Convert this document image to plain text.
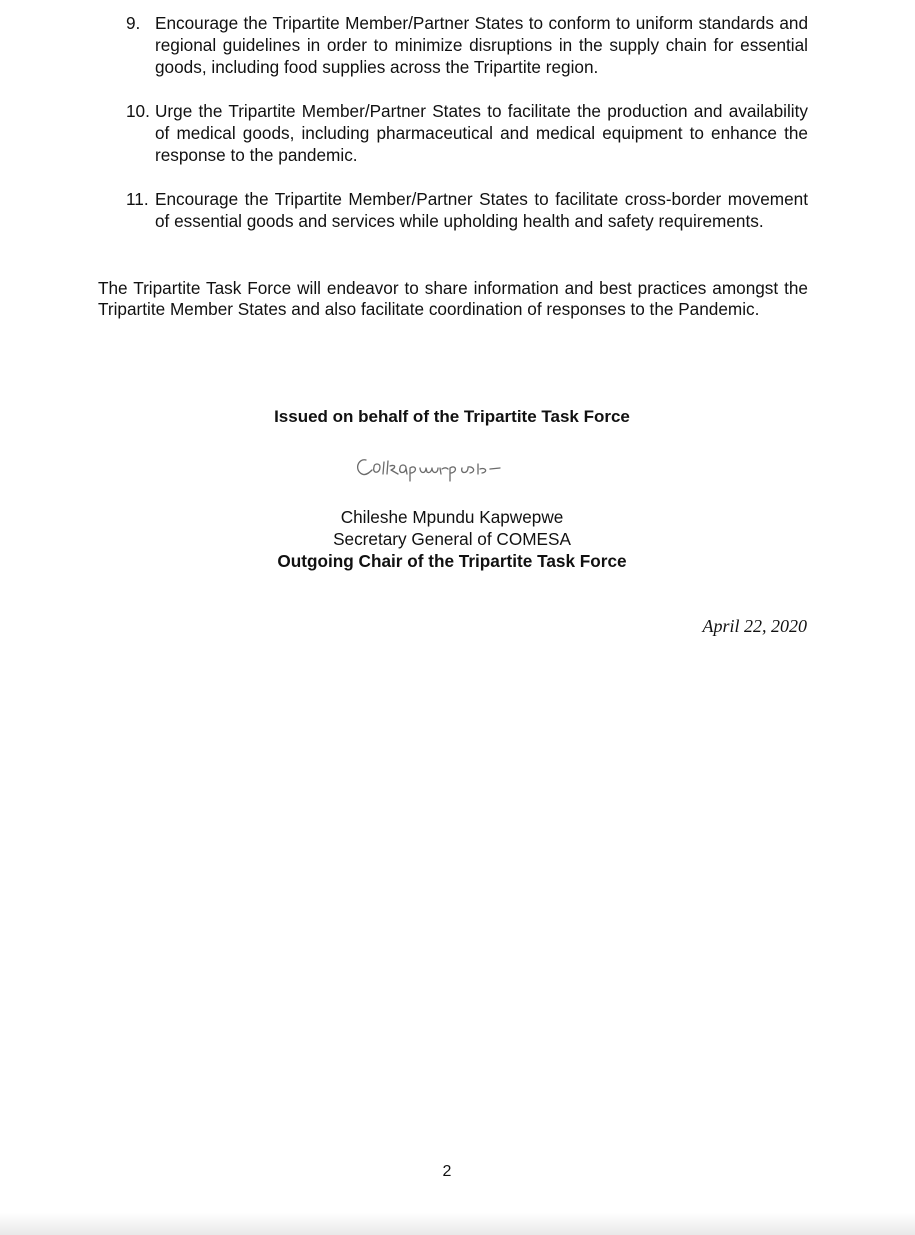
9. Encourage the Tripartite Member/Partner States to conform to uniform standards and regional guidelines in order to minimize disruptions in the supply chain for essential goods, including food supplies across the Tripartite region.
10. Urge the Tripartite Member/Partner States to facilitate the production and availability of medical goods, including pharmaceutical and medical equipment to enhance the response to the pandemic.
11. Encourage the Tripartite Member/Partner States to facilitate cross-border movement of essential goods and services while upholding health and safety requirements.

The Tripartite Task Force will endeavor to share information and best practices amongst the Tripartite Member States and also facilitate coordination of responses to the Pandemic.

Issued on behalf of the Tripartite Task Force
Chileshe Mpundu Kapwepwe
Secretary General of COMESA
Outgoing Chair of the Tripartite Task Force
April 22, 2020
2
